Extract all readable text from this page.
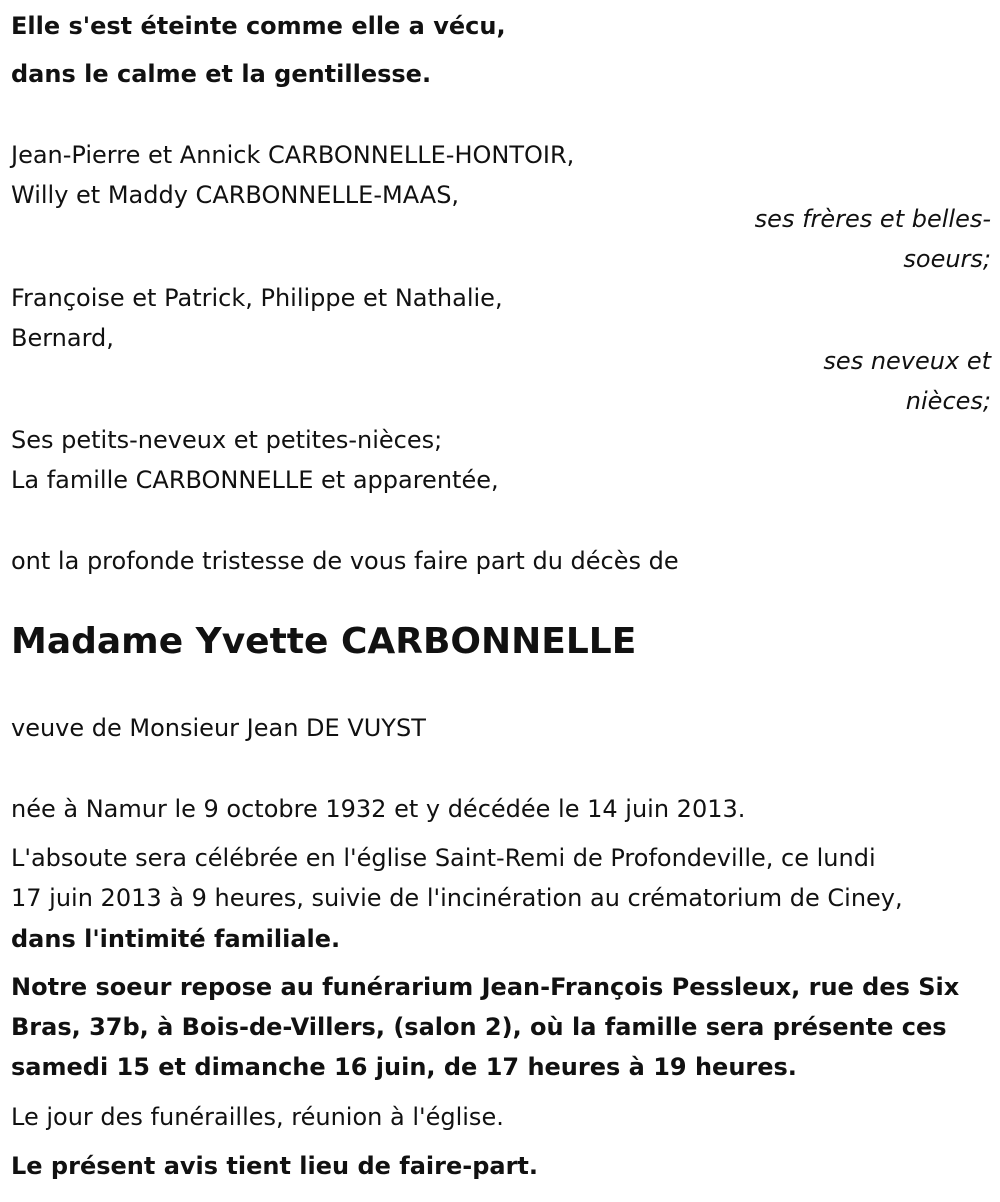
Elle s'est éteinte comme elle a vécu,
dans le calme et la gentillesse.
Jean-Pierre et Annick CARBONNELLE-HONTOIR,
Willy et Maddy CARBONNELLE-MAAS,
ses frères et belles-
soeurs;
Françoise et Patrick, Philippe et Nathalie,
Bernard,
ses neveux et
nièces;
Ses petits-neveux et petites-nièces;
La famille CARBONNELLE et apparentée,
ont la profonde tristesse de vous faire part du décès de
Madame Yvette CARBONNELLE
veuve de Monsieur Jean DE VUYST
née à Namur le 9 octobre 1932 et y décédée le 14 juin 2013.
L'absoute sera célébrée en l'église Saint-Remi de Profondeville, ce lundi
17 juin 2013 à 9 heures, suivie de l'incinération au crématorium de Ciney,
dans l'intimité familiale.
Notre soeur repose au funérarium Jean-François Pessleux, rue des Six
Bras, 37b, à Bois-de-Villers, (salon 2), où la famille sera présente ces
samedi 15 et dimanche 16 juin, de 17 heures à 19 heures.
Le jour des funérailles, réunion à l'église.
Le présent avis tient lieu de faire-part.
